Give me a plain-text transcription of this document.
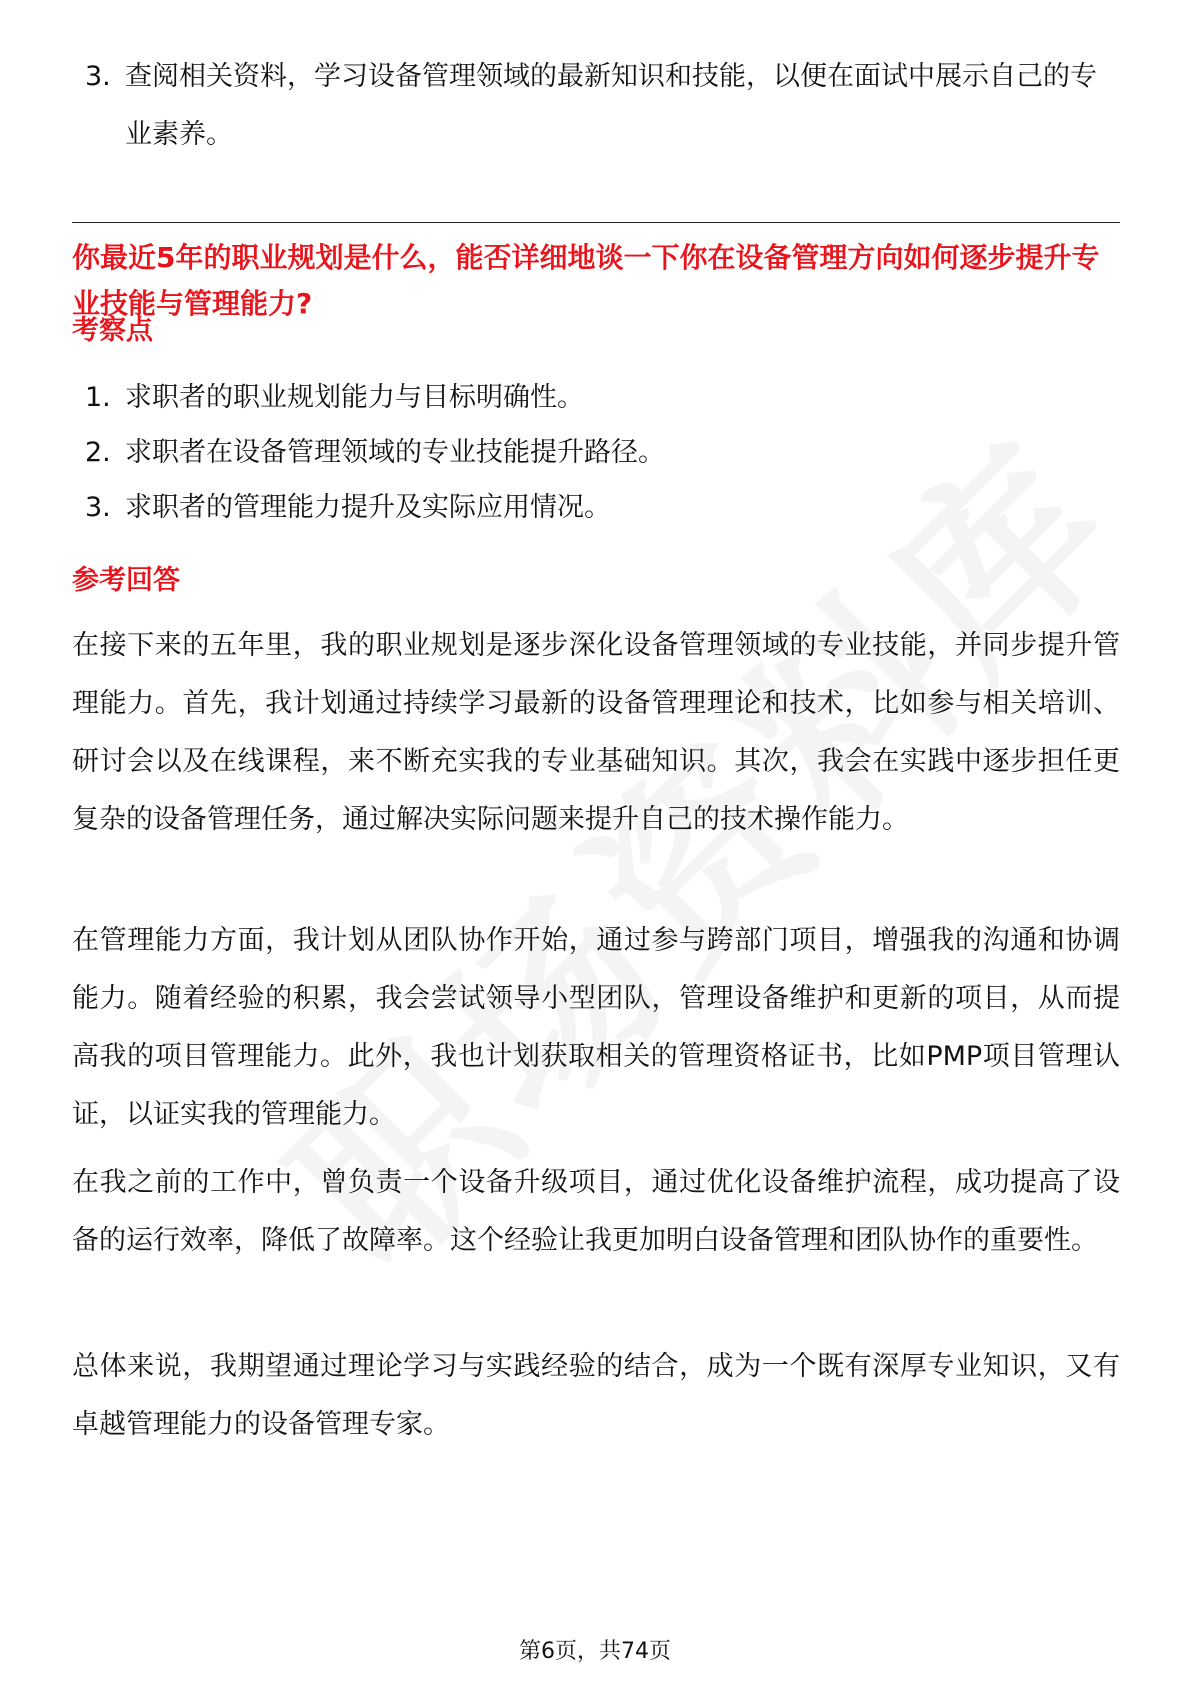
3. 查阅相关资料，学习设备管理领域的最新知识和技能，以便在面试中展示自己的专业素养。
你最近5年的职业规划是什么，能否详细地谈一下你在设备管理方向如何逐步提升专业技能与管理能力?
考察点
1. 求职者的职业规划能力与目标明确性。
2. 求职者在设备管理领域的专业技能提升路径。
3. 求职者的管理能力提升及实际应用情况。
参考回答
在接下来的五年里，我的职业规划是逐步深化设备管理领域的专业技能，并同步提升管理能力。首先，我计划通过持续学习最新的设备管理理论和技术，比如参与相关培训、研讨会以及在线课程，来不断充实我的专业基础知识。其次，我会在实践中逐步担任更复杂的设备管理任务，通过解决实际问题来提升自己的技术操作能力。
在管理能力方面，我计划从团队协作开始，通过参与跨部门项目，增强我的沟通和协调能力。随着经验的积累，我会尝试领导小型团队，管理设备维护和更新的项目，从而提高我的项目管理能力。此外，我也计划获取相关的管理资格证书，比如PMP项目管理认证，以证实我的管理能力。
在我之前的工作中，曾负责一个设备升级项目，通过优化设备维护流程，成功提高了设备的运行效率，降低了故障率。这个经验让我更加明白设备管理和团队协作的重要性。
总体来说，我期望通过理论学习与实践经验的结合，成为一个既有深厚专业知识，又有卓越管理能力的设备管理专家。
第6页，共74页
